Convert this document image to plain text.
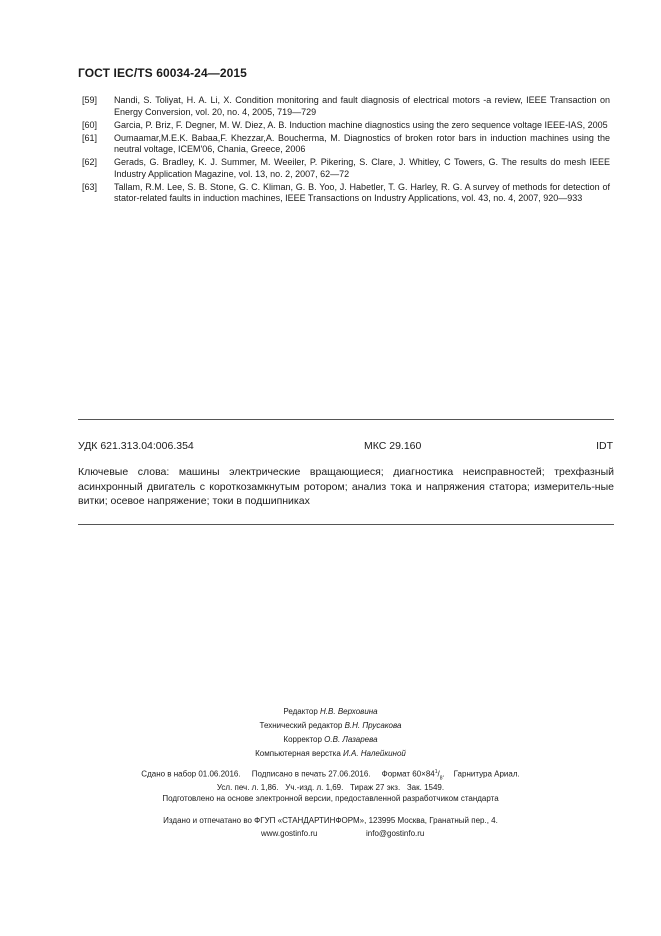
ГОСТ IEC/TS 60034-24—2015
[59]	Nandi, S. Toliyat, H. A. Li, X. Condition monitoring and fault diagnosis of electrical motors -a review, IEEE Transaction on Energy Conversion, vol. 20, no. 4, 2005, 719—729
[60]	Garcia, P. Briz, F. Degner, M. W. Diez, A. B. Induction machine diagnostics using the zero sequence voltage IEEE-IAS, 2005
[61]	Oumaamar,M.E.K. Babaa,F. Khezzar,A. Boucherma, M. Diagnostics of broken rotor bars in induction machines using the neutral voltage, ICEM'06, Chania, Greece, 2006
[62]	Gerads, G. Bradley, K. J. Summer, M. Weeiler, P. Pikering, S. Clare, J. Whitley, C Towers, G. The results do mesh IEEE Industry Application Magazine, vol. 13, no. 2, 2007, 62—72
[63]	Tallam, R.M. Lee, S. B. Stone, G. C. Kliman, G. B. Yoo, J. Habetler, T. G. Harley, R. G. A survey of methods for detection of stator-related faults in induction machines, IEEE Transactions on Industry Applications, vol. 43, no. 4, 2007, 920—933
УДК 621.313.04:006.354	МКС 29.160	IDT
Ключевые слова: машины электрические вращающиеся; диагностика неисправностей; трехфазный асинхронный двигатель с короткозамкнутым ротором; анализ тока и напряжения статора; измеритель-ные витки; осевое напряжение; токи в подшипниках
Редактор Н.В. Верховина
Технический редактор В.Н. Прусакова
Корректор О.В. Лазарева
Компьютерная верстка И.А. Налейкиной
Сдано в набор 01.06.2016. Подписано в печать 27.06.2016. Формат $60\times 84^1/_8$.    Гарнитура Ариал.
Усл. печ. л. 1,86.   Уч.-изд. л. 1,69.   Тираж 27 экз.   Зак. 1549.
Подготовлено на основе электронной версии, предоставленной разработчиком стандарта
Издано и отпечатано во ФГУП «СТАНДАРТИНФОРМ», 123995 Москва, Гранатный пер., 4.
www.gostinfo.ru	info@gostinfo.ru
